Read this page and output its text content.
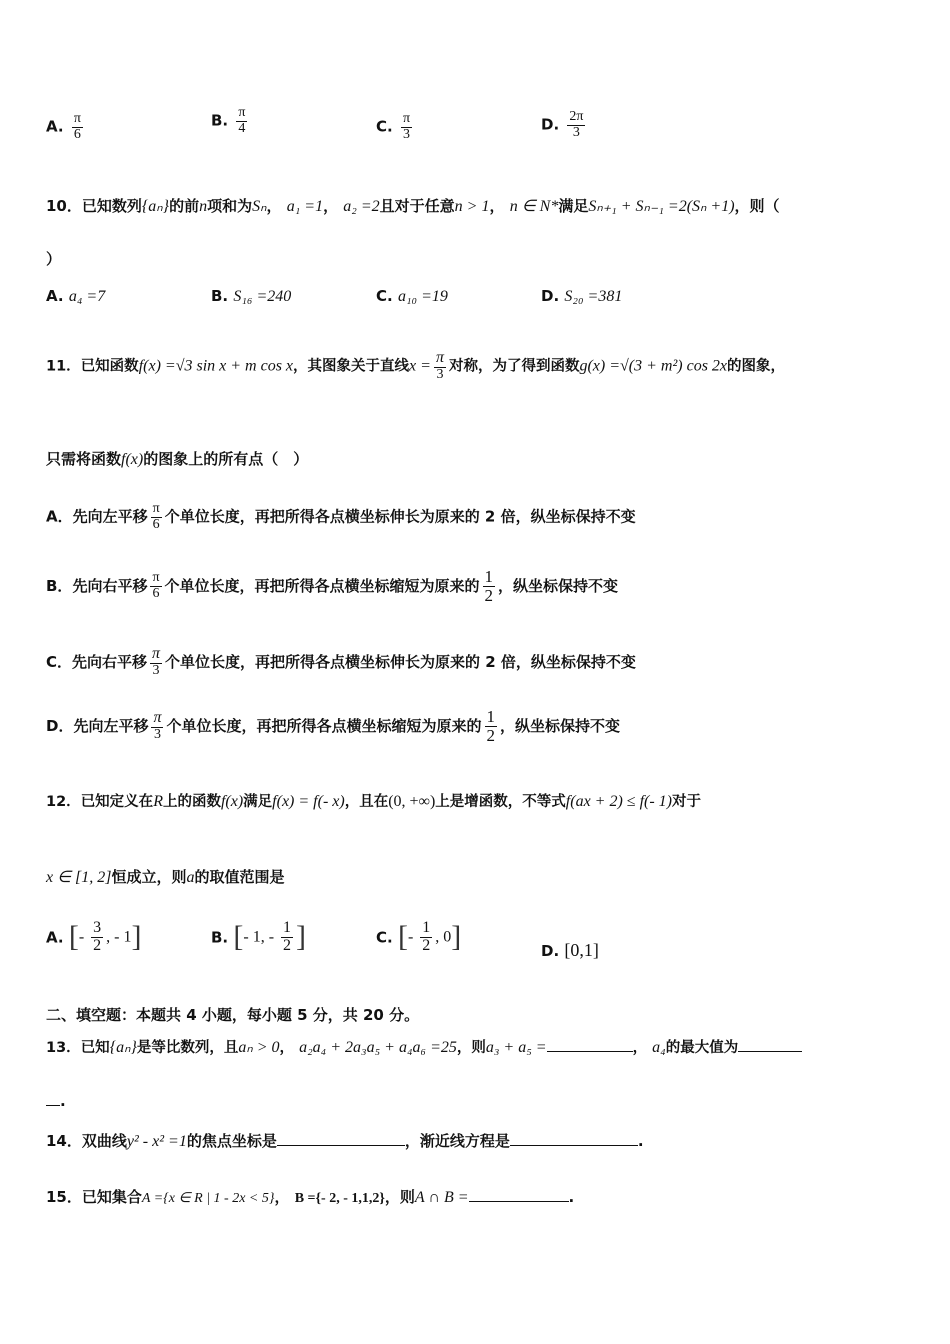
A. $\frac{\pi}{6}$	B. $\frac{\pi}{4}$	C. $\frac{\pi}{3}$	D. $\frac{2\pi}{3}$
10．已知数列{aₙ}的前n项和为Sₙ， a₁ =1， a₂ =2且对于任意n > 1， n ∈ N*满足Sₙ₊₁ + Sₙ₋₁ =2(Sₙ +1)，则（
）
A. a₄ =7	B. S₁₆ =240	C. a₁₀ =19	D. S₂₀ =381
11．已知函数f(x) =√3 sin x + m cos x，其图象关于直线$x = \frac{\pi}{3}$ 对称，为了得到函数g(x) =√(3 + m²) cos 2x的图象，
只需将函数f(x)的图象上的所有点（　）
A．先向左平移 $\frac{\pi}{6}$ 个单位长度，再把所得各点横坐标伸长为原来的 2 倍，纵坐标保持不变
B．先向右平移 $\frac{\pi}{6}$ 个单位长度，再把所得各点横坐标缩短为原来的 $\frac{1}{2}$ ，纵坐标保持不变
C．先向右平移 $\frac{\pi}{3}$ 个单位长度，再把所得各点横坐标伸长为原来的 2 倍，纵坐标保持不变
D．先向左平移 $\frac{\pi}{3}$ 个单位长度，再把所得各点横坐标缩短为原来的 $\frac{1}{2}$ ，纵坐标保持不变
12．已知定义在R上的函数f(x)满足f(x) = f(- x)，且在(0, +∞)上是增函数，不等式f(ax + 2) ≤ f(- 1)对于
x ∈ [1, 2]恒成立，则a的取值范围是
A. [- $\frac{3}{2}$ , - 1]	B. [- 1, - $\frac{1}{2}$ ]	C. [- $\frac{1}{2}$ , 0]	D. [0,1]
二、填空题：本题共 4 小题，每小题 5 分，共 20 分。
13．已知{aₙ}是等比数列，且aₙ > 0， a₂a₄ + 2a₃a₅ + a₄a₆ =25，则a₃ + a₅ =	， a₄的最大值为
.
14．双曲线y² - x² =1的焦点坐标是	，渐近线方程是	.
15．已知集合A ={x ∈ R | 1 - 2x < 5}， B ={- 2, - 1,1,2}，则A ∩ B =	.
